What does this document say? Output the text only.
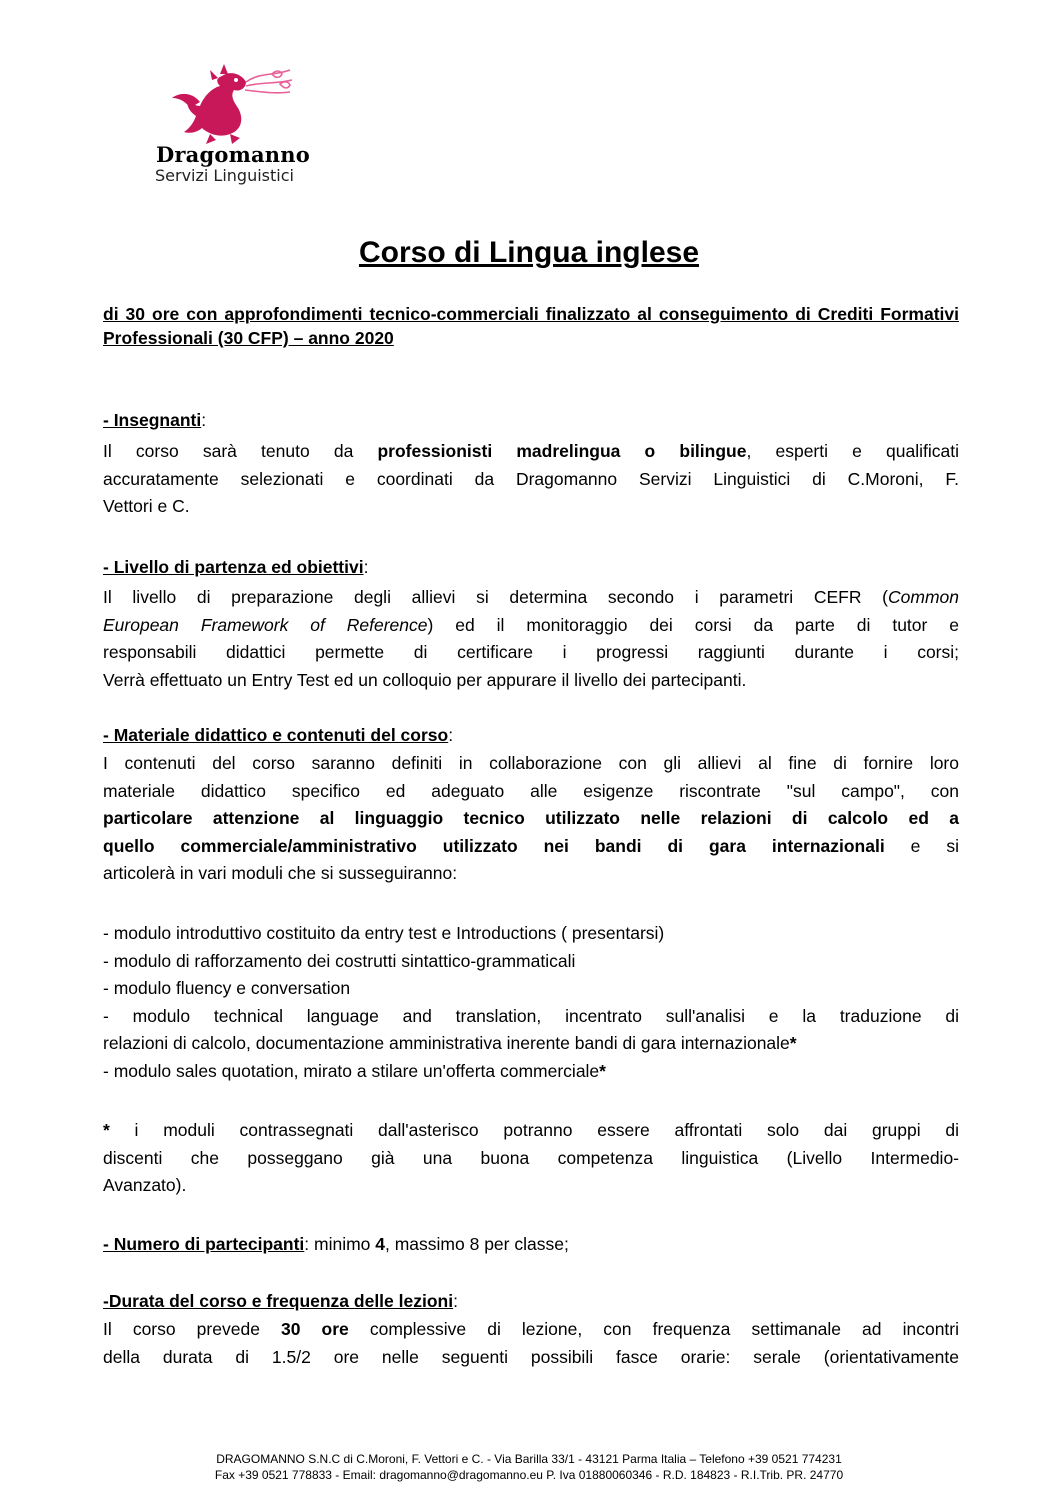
Dragomanno
Servizi Linguistici
Corso di Lingua inglese

di 30 ore con approfondimenti tecnico-commerciali finalizzato al conseguimento di Crediti Formativi Professionali (30 CFP) – anno 2020

- Insegnanti:

Il corso sarà tenuto da professionisti madrelingua o bilingue, esperti e qualificati
accuratamente selezionati e coordinati da Dragomanno Servizi Linguistici di C.Moroni, F.
Vettori e C.

- Livello di partenza ed obiettivi:

Il livello di preparazione degli allievi si determina secondo i parametri CEFR (Common
European Framework of Reference) ed il monitoraggio dei corsi da parte di tutor e
responsabili didattici permette di certificare i progressi raggiunti durante i corsi;
Verrà effettuato un Entry Test ed un colloquio per appurare il livello dei partecipanti.

- Materiale didattico e contenuti del corso:

I contenuti del corso saranno definiti in collaborazione con gli allievi al fine di fornire loro
materiale didattico specifico ed adeguato alle esigenze riscontrate "sul campo", con
particolare attenzione al linguaggio tecnico utilizzato nelle relazioni di calcolo ed a
quello commerciale/amministrativo utilizzato nei bandi di gara internazionali e si
articolerà in vari moduli che si susseguiranno:
- modulo introduttivo costituito da entry test e Introductions ( presentarsi)
- modulo di rafforzamento dei costrutti sintattico-grammaticali
- modulo fluency e conversation
- modulo technical language and translation, incentrato sull'analisi e la traduzione di
relazioni di calcolo, documentazione amministrativa inerente bandi di gara internazionale*
- modulo sales quotation, mirato a stilare un'offerta commerciale*
* i moduli contrassegnati dall'asterisco potranno essere affrontati solo dai gruppi di
discenti che posseggano già una buona competenza linguistica (Livello Intermedio-
Avanzato).

- Numero di partecipanti: minimo 4, massimo 8 per classe;

-Durata del corso e frequenza delle lezioni:

Il corso prevede 30 ore complessive di lezione, con frequenza settimanale ad incontri
della durata di 1.5/2 ore nelle seguenti possibili fasce orarie: serale (orientativamente

DRAGOMANNO S.N.C di C.Moroni, F. Vettori e C. - Via Barilla 33/1 - 43121 Parma Italia – Telefono +39 0521 774231
Fax +39 0521 778833 - Email: dragomanno@dragomanno.eu P. Iva 01880060346 - R.D. 184823 - R.I.Trib. PR. 24770
